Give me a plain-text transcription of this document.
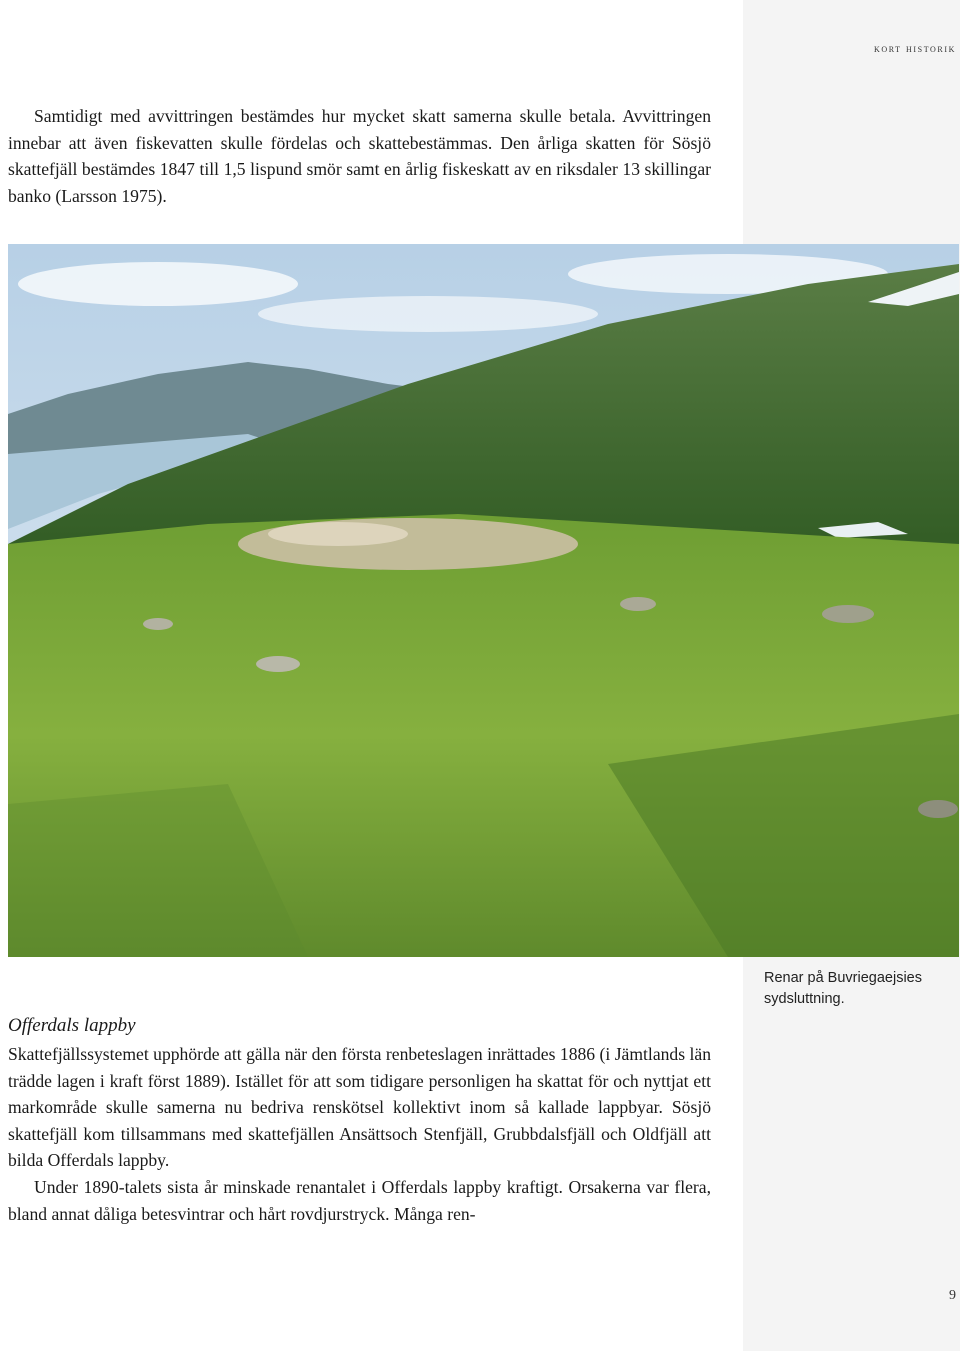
kort historik

Samtidigt med avvittringen bestämdes hur mycket skatt samerna skulle betala. Avvittringen innebar att även fiskevatten skulle fördelas och skattebestämmas. Den årliga skatten för Sösjö skattefjäll bestämdes 1847 till 1,5 lispund smör samt en årlig fiskeskatt av en riksdaler 13 skillingar banko (Larsson 1975).

Renar på Buvriegaejsies sydsluttning.
Offerdals lappby

Skattefjällssystemet upphörde att gälla när den första renbeteslagen inrättades 1886 (i Jämtlands län trädde lagen i kraft först 1889). Istället för att som tidigare personligen ha skattat för och nyttjat ett markområde skulle samerna nu bedriva renskötsel kollektivt inom så kallade lappbyar. Sösjö skattefjäll kom tillsammans med skattefjällen Ansättsoch Stenfjäll, Grubbdalsfjäll och Oldfjäll att bilda Offerdals lappby.

Under 1890-talets sista år minskade renantalet i Offerdals lappby kraftigt. Orsakerna var flera, bland annat dåliga betesvintrar och hårt rovdjurstryck. Många ren-

9
